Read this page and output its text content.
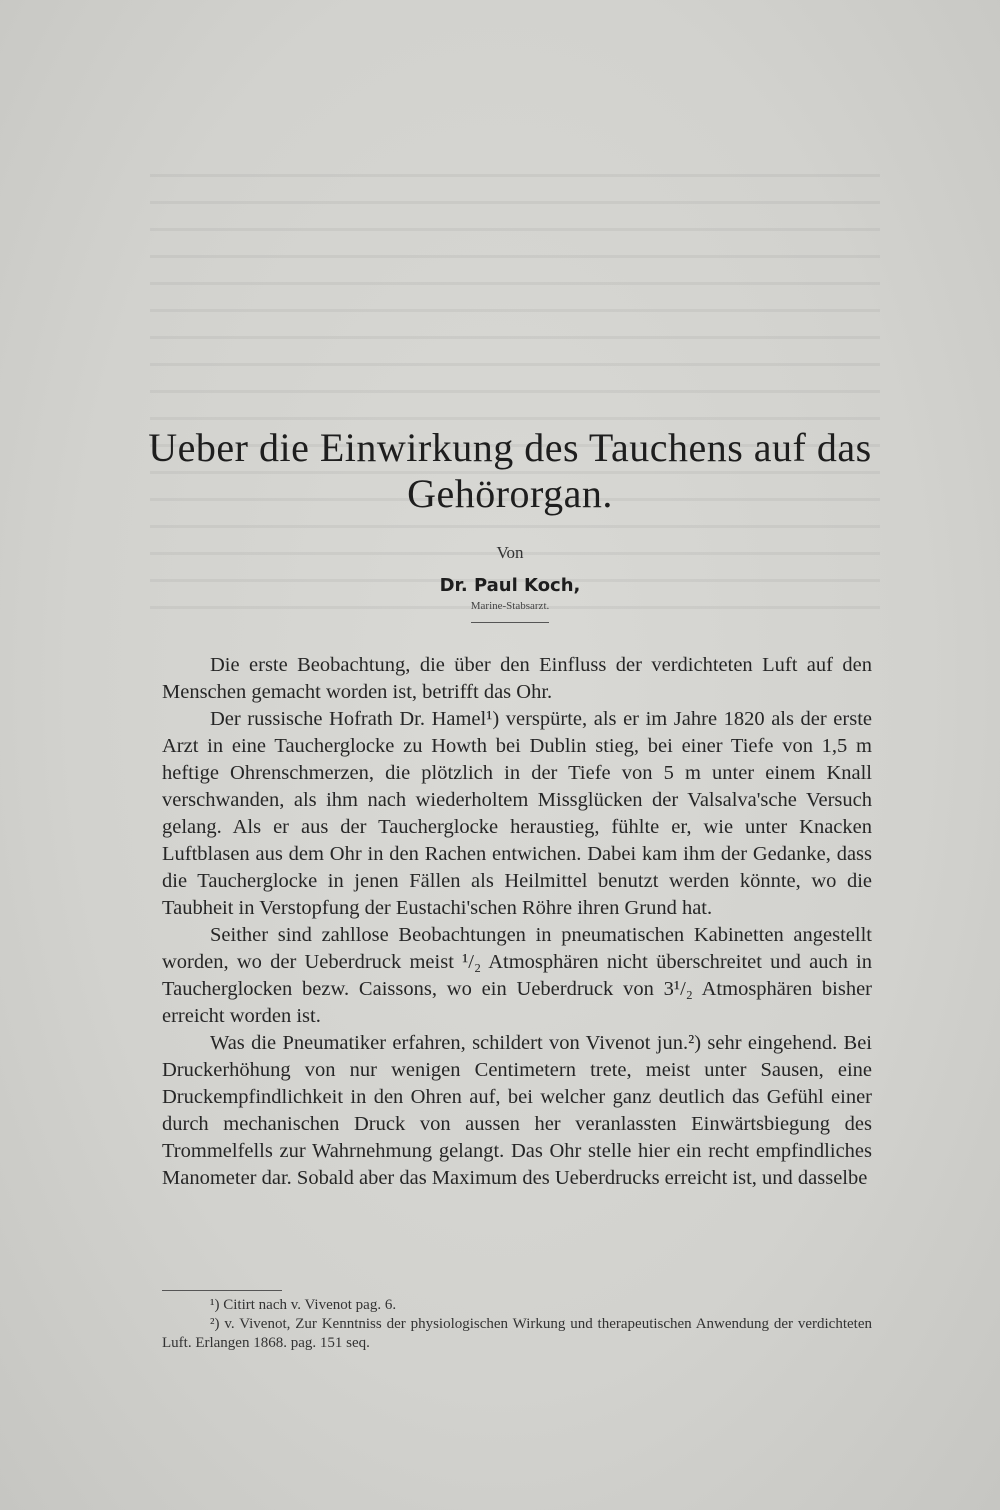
Ueber die Einwirkung des Tauchens auf das Gehörorgan.
Von
Dr. Paul Koch,
Marine-Stabsarzt.

Die erste Beobachtung, die über den Einfluss der verdichteten Luft auf den Menschen gemacht worden ist, betrifft das Ohr.

Der russische Hofrath Dr. Hamel¹) verspürte, als er im Jahre 1820 als der erste Arzt in eine Taucherglocke zu Howth bei Dublin stieg, bei einer Tiefe von 1,5 m heftige Ohrenschmerzen, die plötzlich in der Tiefe von 5 m unter einem Knall verschwanden, als ihm nach wiederholtem Missglücken der Valsalva'sche Versuch gelang. Als er aus der Taucherglocke heraustieg, fühlte er, wie unter Knacken Luftblasen aus dem Ohr in den Rachen entwichen. Dabei kam ihm der Gedanke, dass die Taucherglocke in jenen Fällen als Heilmittel benutzt werden könnte, wo die Taubheit in Verstopfung der Eustachi'schen Röhre ihren Grund hat.

Seither sind zahllose Beobachtungen in pneumatischen Kabinetten angestellt worden, wo der Ueberdruck meist ¹/₂ Atmosphären nicht überschreitet und auch in Taucherglocken bezw. Caissons, wo ein Ueberdruck von 3¹/₂ Atmosphären bisher erreicht worden ist.

Was die Pneumatiker erfahren, schildert von Vivenot jun.²) sehr eingehend. Bei Druckerhöhung von nur wenigen Centimetern trete, meist unter Sausen, eine Druckempfindlichkeit in den Ohren auf, bei welcher ganz deutlich das Gefühl einer durch mechanischen Druck von aussen her veranlassten Einwärtsbiegung des Trommelfells zur Wahrnehmung gelangt. Das Ohr stelle hier ein recht empfindliches Manometer dar. Sobald aber das Maximum des Ueberdrucks erreicht ist, und dasselbe

¹) Citirt nach v. Vivenot pag. 6.

²) v. Vivenot, Zur Kenntniss der physiologischen Wirkung und therapeutischen Anwendung der verdichteten Luft. Erlangen 1868. pag. 151 seq.
